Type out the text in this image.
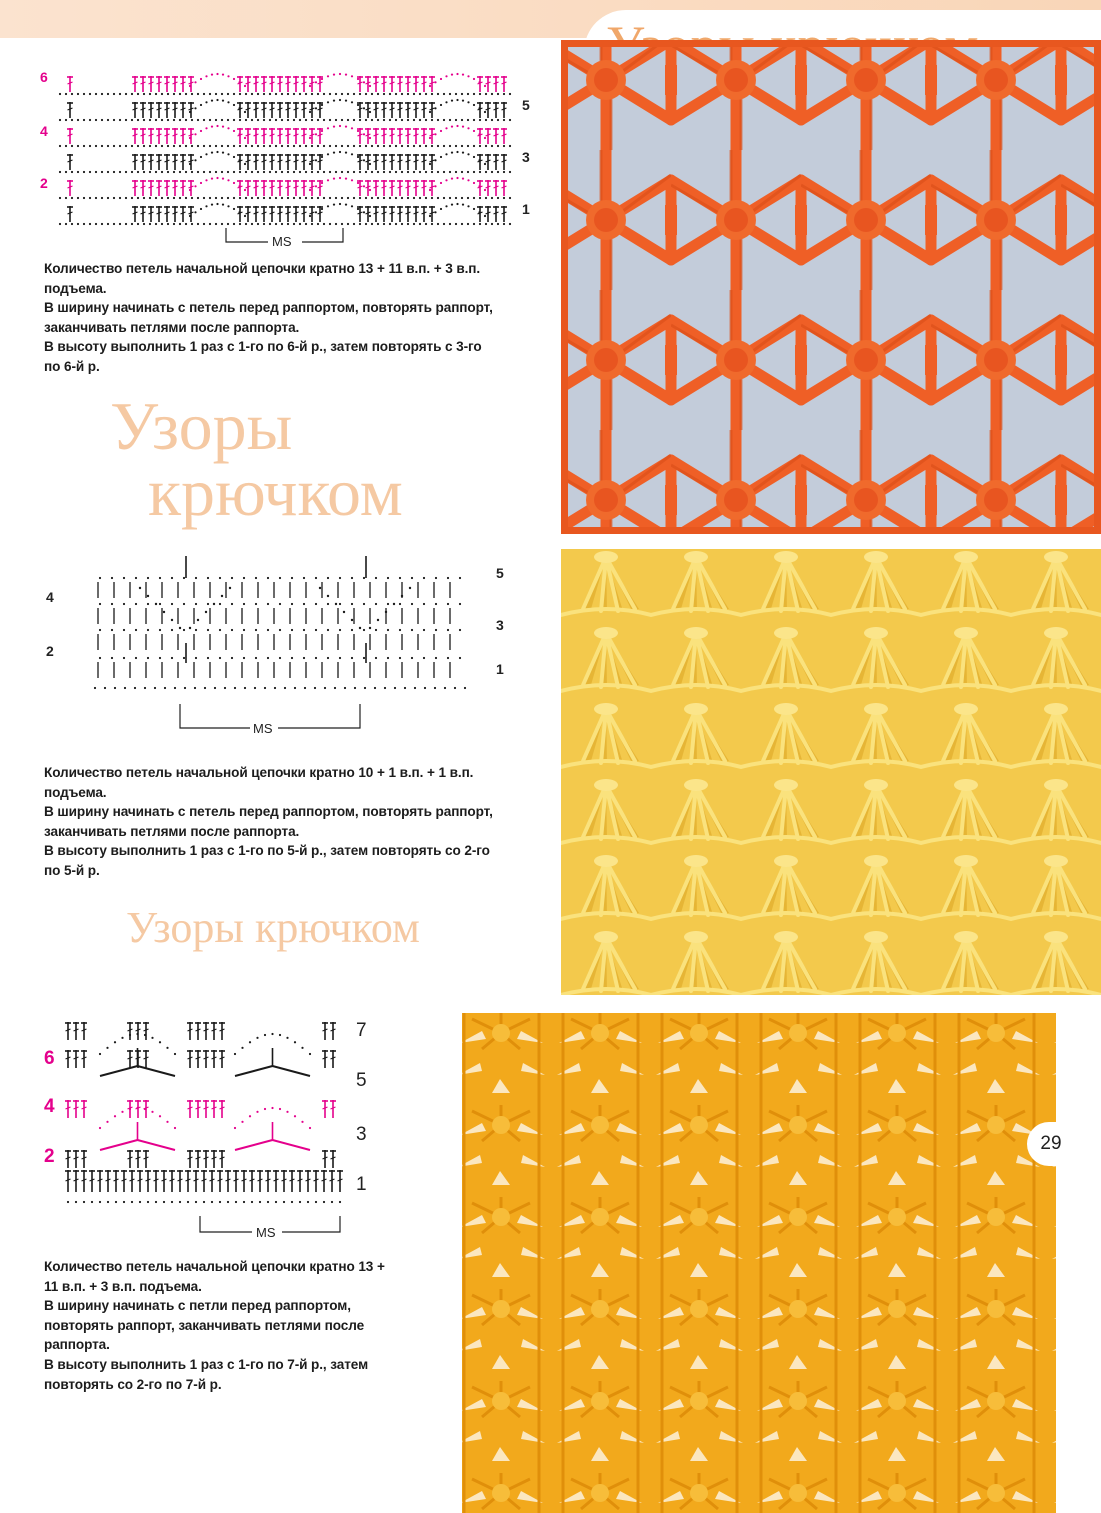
6
4
2
5
3
1
MS
Количество петель начальной цепочки кратно 13 + 11 в.п. + 3 в.п.
подъема.
В ширину начинать с петель перед раппортом, повторять раппорт,
заканчивать петлями после раппорта.
В высоту выполнить 1 раз с 1-го по 6-й р., затем повторять с 3-го
по 6-й р.
Узоры
крючком
4
2
5
3
1
MS
Количество петель начальной цепочки кратно 10 + 1 в.п. + 1 в.п.
подъема.
В ширину начинать с петель перед раппортом, повторять раппорт,
заканчивать петлями после раппорта.
В высоту выполнить 1 раз с 1-го по 5-й р., затем повторять со 2-го
по 5-й р.
Узоры крючком
6
4
2
7
5
3
1
MS
Количество петель начальной цепочки кратно 13 +
11 в.п. + 3 в.п. подъема.
В ширину начинать с петли перед раппортом,
повторять раппорт, заканчивать петлями после
раппорта.
В высоту выполнить 1 раз с 1-го по 7-й р., затем
повторять со 2-го по 7-й р.
29
